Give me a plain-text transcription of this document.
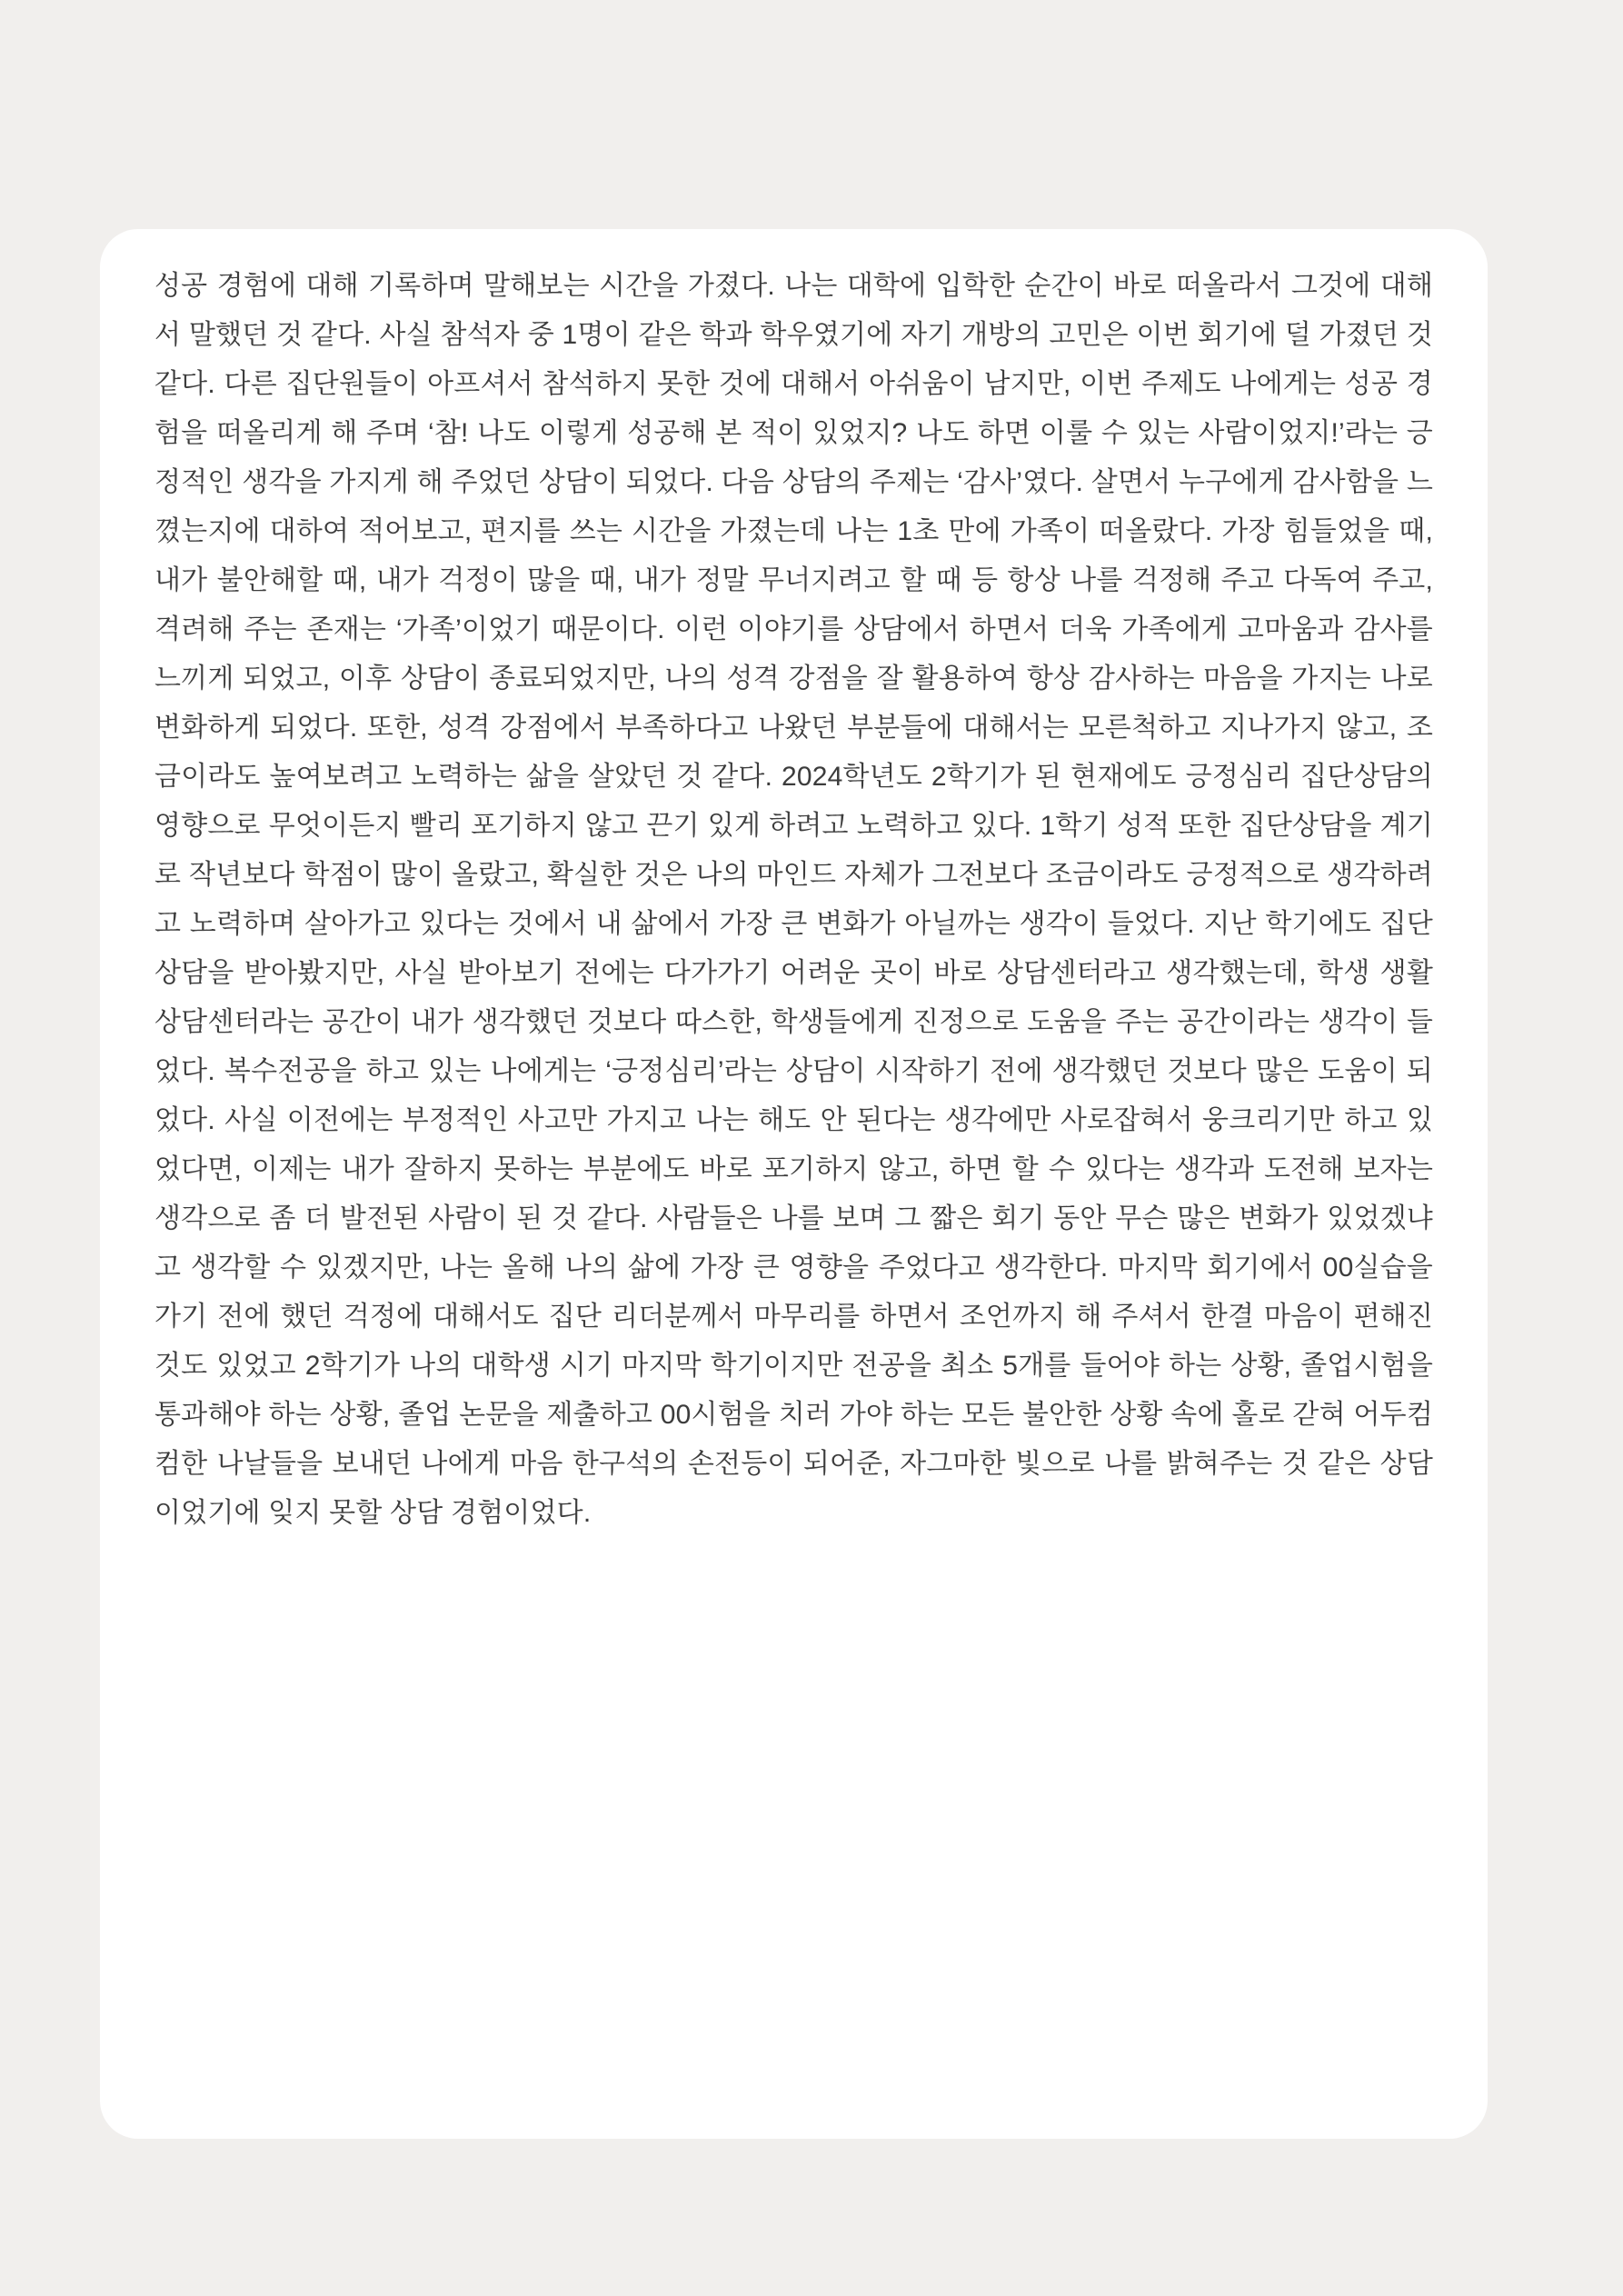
성공 경험에 대해 기록하며 말해보는 시간을 가졌다. 나는 대학에 입학한 순간이 바로 떠올라서 그것에 대해서 말했던 것 같다. 사실 참석자 중 1명이 같은 학과 학우였기에 자기 개방의 고민은 이번 회기에 덜 가졌던 것 같다. 다른 집단원들이 아프셔서 참석하지 못한 것에 대해서 아쉬움이 남지만, 이번 주제도 나에게는 성공 경험을 떠올리게 해 주며 ‘참! 나도 이렇게 성공해 본 적이 있었지? 나도 하면 이룰 수 있는 사람이었지!’라는 긍정적인 생각을 가지게 해 주었던 상담이 되었다. 다음 상담의 주제는 ‘감사’였다. 살면서 누구에게 감사함을 느꼈는지에 대하여 적어보고, 편지를 쓰는 시간을 가졌는데 나는 1초 만에 가족이 떠올랐다. 가장 힘들었을 때, 내가 불안해할 때, 내가 걱정이 많을 때, 내가 정말 무너지려고 할 때 등 항상 나를 걱정해 주고 다독여 주고, 격려해 주는 존재는 ‘가족’이었기 때문이다. 이런 이야기를 상담에서 하면서 더욱 가족에게 고마움과 감사를 느끼게 되었고, 이후 상담이 종료되었지만, 나의 성격 강점을 잘 활용하여 항상 감사하는 마음을 가지는 나로 변화하게 되었다. 또한, 성격 강점에서 부족하다고 나왔던 부분들에 대해서는 모른척하고 지나가지 않고, 조금이라도 높여보려고 노력하는 삶을 살았던 것 같다. 2024학년도 2학기가 된 현재에도 긍정심리 집단상담의 영향으로 무엇이든지 빨리 포기하지 않고 끈기 있게 하려고 노력하고 있다. 1학기 성적 또한 집단상담을 계기로 작년보다 학점이 많이 올랐고, 확실한 것은 나의 마인드 자체가 그전보다 조금이라도 긍정적으로 생각하려고 노력하며 살아가고 있다는 것에서 내 삶에서 가장 큰 변화가 아닐까는 생각이 들었다. 지난 학기에도 집단상담을 받아봤지만, 사실 받아보기 전에는 다가가기 어려운 곳이 바로 상담센터라고 생각했는데, 학생 생활 상담센터라는 공간이 내가 생각했던 것보다 따스한, 학생들에게 진정으로 도움을 주는 공간이라는 생각이 들었다. 복수전공을 하고 있는 나에게는 ‘긍정심리’라는 상담이 시작하기 전에 생각했던 것보다 많은 도움이 되었다. 사실 이전에는 부정적인 사고만 가지고 나는 해도 안 된다는 생각에만 사로잡혀서 웅크리기만 하고 있었다면, 이제는 내가 잘하지 못하는 부분에도 바로 포기하지 않고, 하면 할 수 있다는 생각과 도전해 보자는 생각으로 좀 더 발전된 사람이 된 것 같다. 사람들은 나를 보며 그 짧은 회기 동안 무슨 많은 변화가 있었겠냐고 생각할 수 있겠지만, 나는 올해 나의 삶에 가장 큰 영향을 주었다고 생각한다. 마지막 회기에서 00실습을 가기 전에 했던 걱정에 대해서도 집단 리더분께서 마무리를 하면서 조언까지 해 주셔서 한결 마음이 편해진 것도 있었고 2학기가 나의 대학생 시기 마지막 학기이지만 전공을 최소 5개를 들어야 하는 상황, 졸업시험을 통과해야 하는 상황, 졸업 논문을 제출하고 00시험을 치러 가야 하는 모든 불안한 상황 속에 홀로 갇혀 어두컴컴한 나날들을 보내던 나에게 마음 한구석의 손전등이 되어준, 자그마한 빛으로 나를 밝혀주는 것 같은 상담이었기에 잊지 못할 상담 경험이었다.
